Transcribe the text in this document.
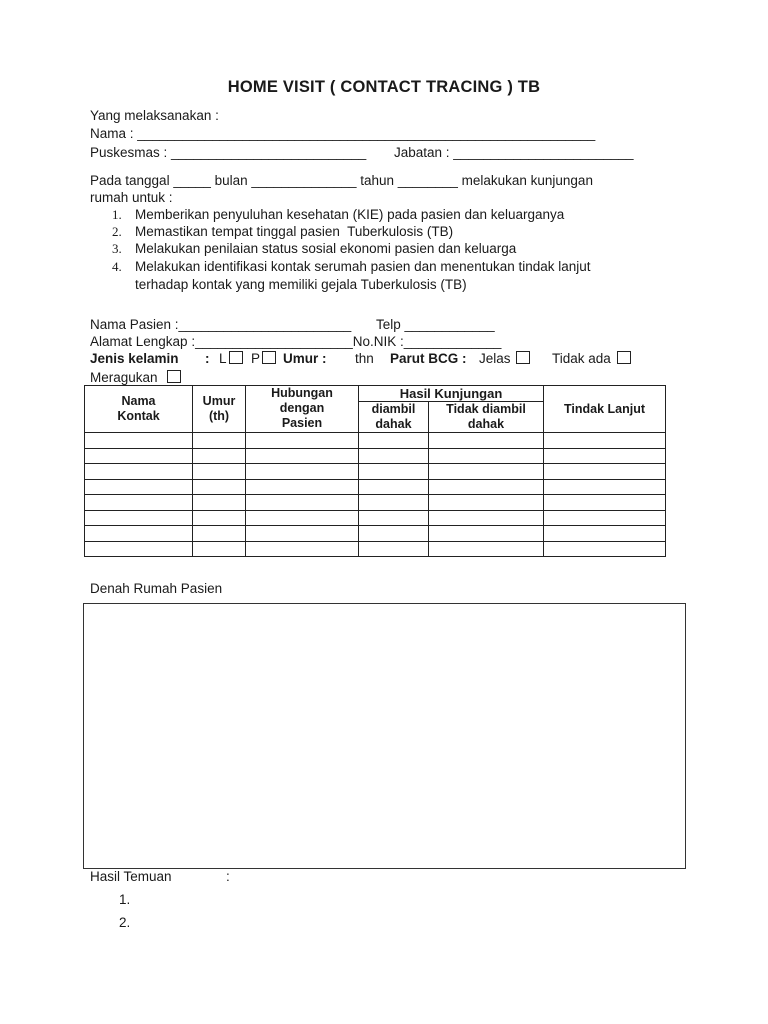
HOME VISIT ( CONTACT TRACING ) TB
Yang melaksanakan :
Nama : _____________________________________________________________
Puskesmas : __________________________ Jabatan : ________________________
Pada tanggal _____ bulan ______________ tahun ________ melakukan kunjungan
rumah untuk :
1. Memberikan penyuluhan kesehatan (KIE) pada pasien dan keluarganya
2. Memastikan tempat tinggal pasien  Tuberkulosis (TB)
3. Melakukan penilaian status sosial ekonomi pasien dan keluarga
4. Melakukan identifikasi kontak serumah pasien dan menentukan tindak lanjut
terhadap kontak yang memiliki gejala Tuberkulosis (TB)
Nama Pasien :_______________________ Telp ____________
Alamat Lengkap :_____________________No.NIK :_____________
Jenis kelamin : L	P	Umur : thn Parut BCG : Jelas	Tidak ada
Meragukan
Nama Kontak	Umur (th)	Hubungan dengan Pasien	Hasil Kunjungan		Tindak Lanjut
			diambil dahak	Tidak diambil dahak	

Denah Rumah Pasien
Hasil Temuan	:
1.
2.
